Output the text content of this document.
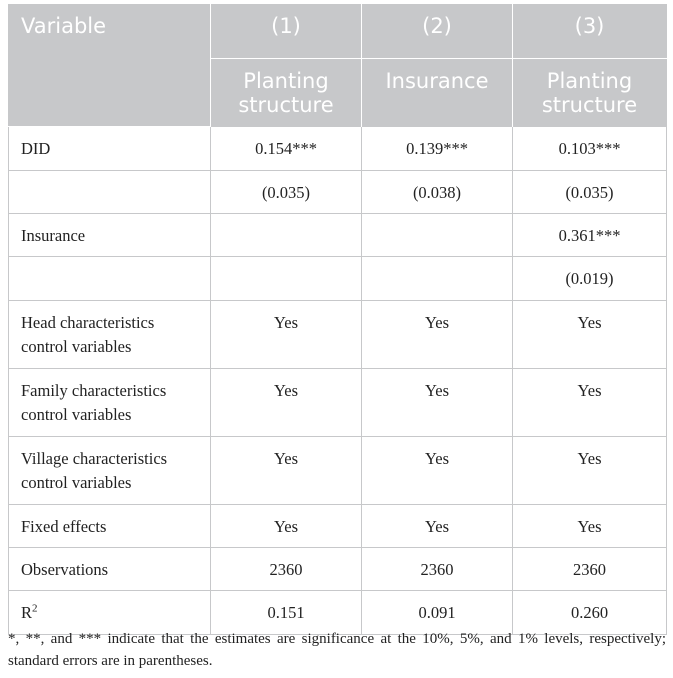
Variable	(1)	(2)	(3)
	Planting structure	Insurance	Planting structure
DID	0.154***	0.139***	0.103***
	(0.035)	(0.038)	(0.035)
Insurance			0.361***
			(0.019)
Head characteristics control variables	Yes	Yes	Yes
Family characteristics control variables	Yes	Yes	Yes
Village characteristics control variables	Yes	Yes	Yes
Fixed effects	Yes	Yes	Yes
Observations	2360	2360	2360
$R^2$	0.151	0.091	0.260
*, **, and *** indicate that the estimates are significance at the 10%, 5%, and 1% levels, respectively; standard errors are in parentheses.
